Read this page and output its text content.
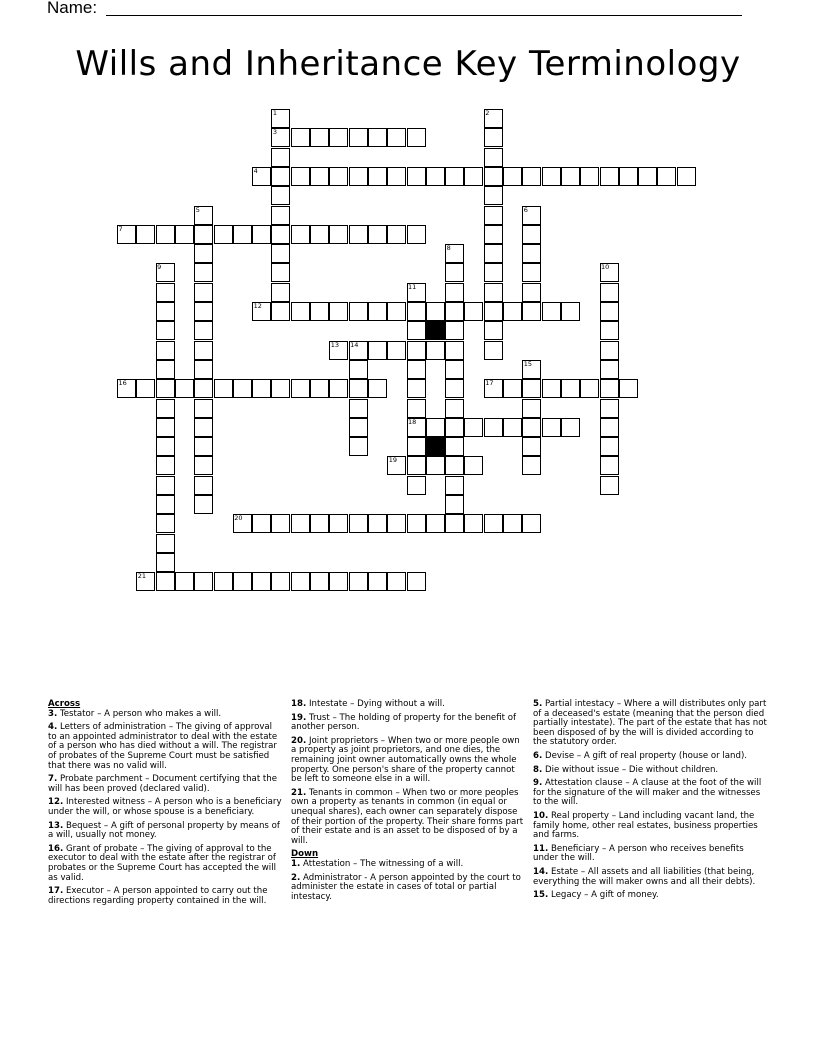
Name:
Wills and Inheritance Key Terminology
1	2
3
4
5	6
7
8
9	10
11
12
13 14
15
16	17
18
19
20
21
Across
3. Testator – A person who makes a will.
4. Letters of administration – The giving of approval to an appointed administrator to deal with the estate of a person who has died without a will. The registrar of probates of the Supreme Court must be satisfied that there was no valid will.
7. Probate parchment – Document certifying that the will has been proved (declared valid).
12. Interested witness – A person who is a beneficiary under the will, or whose spouse is a beneficiary.
13. Bequest – A gift of personal property by means of a will, usually not money.
16. Grant of probate – The giving of approval to the executor to deal with the estate after the registrar of probates or the Supreme Court has accepted the will as valid.
17. Executor – A person appointed to carry out the directions regarding property contained in the will.
18. Intestate – Dying without a will.
19. Trust – The holding of property for the benefit of another person.
20. Joint proprietors – When two or more people own a property as joint proprietors, and one dies, the remaining joint owner automatically owns the whole property. One person's share of the property cannot be left to someone else in a will.
21. Tenants in common – When two or more peoples own a property as tenants in common (in equal or unequal shares), each owner can separately dispose of their portion of the property. Their share forms part of their estate and is an asset to be disposed of by a will.
Down
1. Attestation – The witnessing of a will.
2. Administrator - A person appointed by the court to administer the estate in cases of total or partial intestacy.
5. Partial intestacy – Where a will distributes only part of a deceased's estate (meaning that the person died partially intestate). The part of the estate that has not been disposed of by the will is divided according to the statutory order.
6. Devise – A gift of real property (house or land).
8. Die without issue – Die without children.
9. Attestation clause – A clause at the foot of the will for the signature of the will maker and the witnesses to the will.
10. Real property – Land including vacant land, the family home, other real estates, business properties and farms.
11. Beneficiary – A person who receives benefits under the will.
14. Estate – All assets and all liabilities (that being, everything the will maker owns and all their debts).
15. Legacy – A gift of money.
